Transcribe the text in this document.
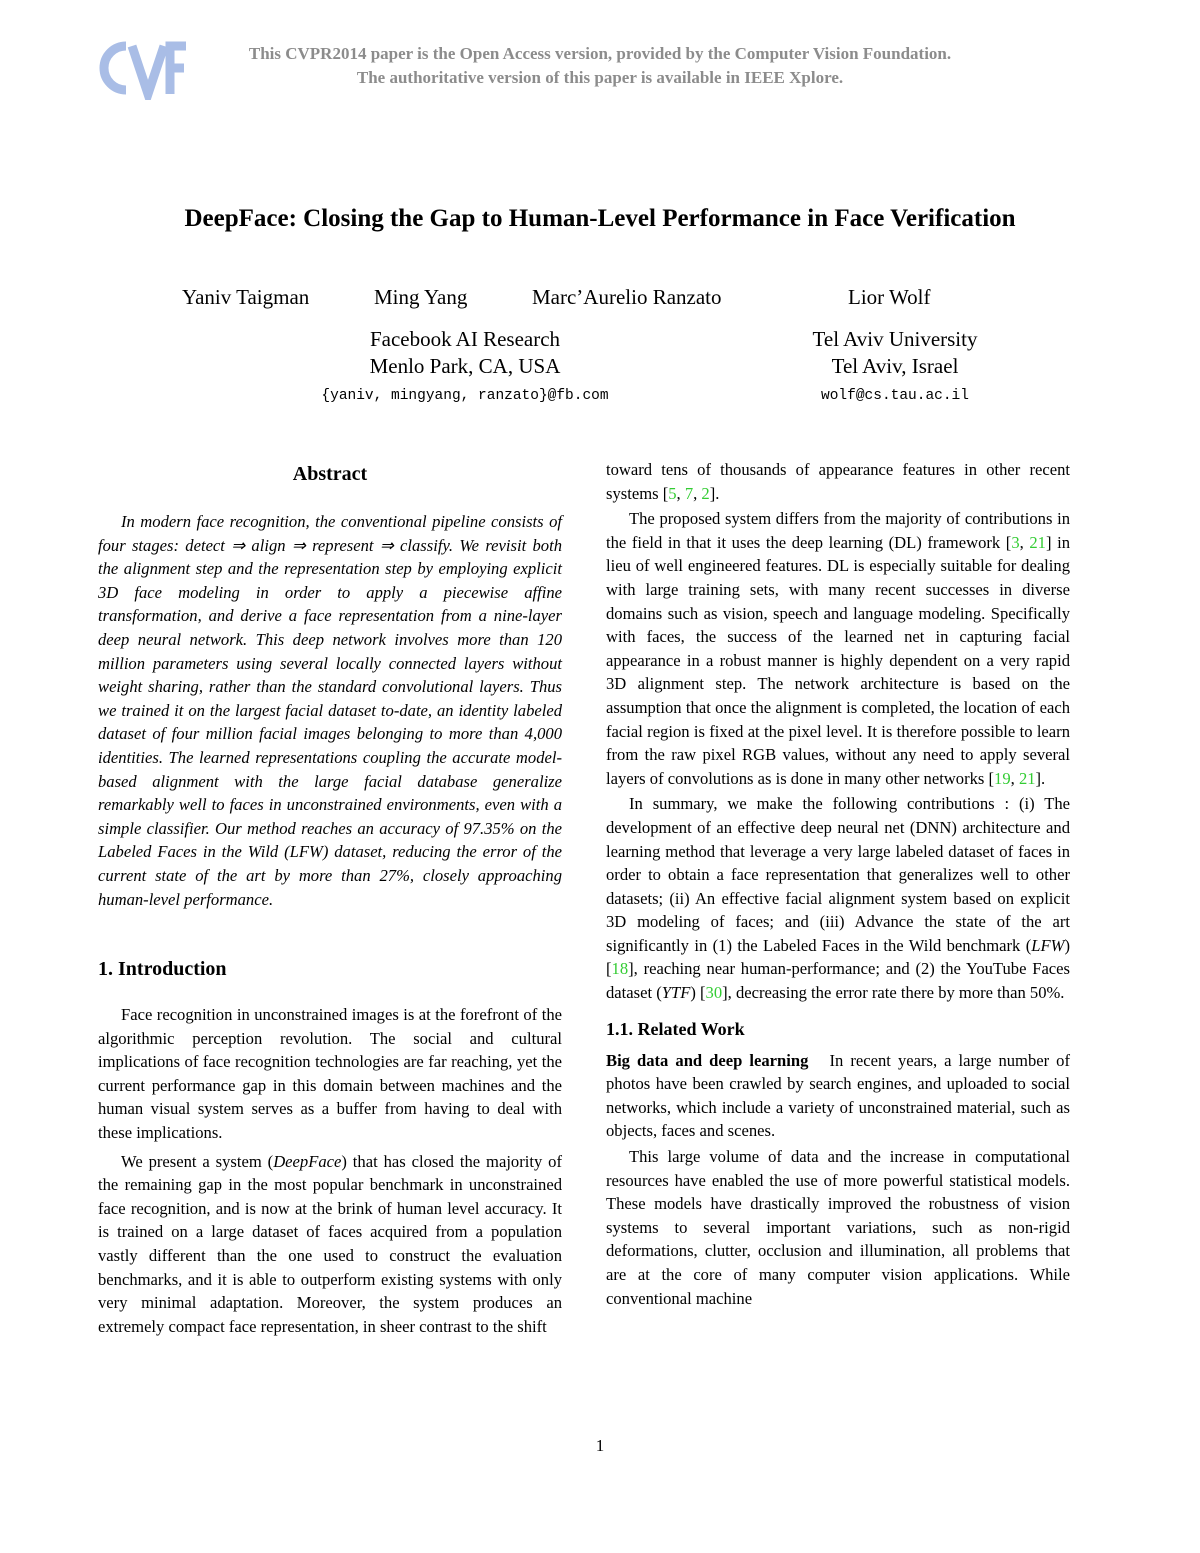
This CVPR2014 paper is the Open Access version, provided by the Computer Vision Foundation.
The authoritative version of this paper is available in IEEE Xplore.
DeepFace: Closing the Gap to Human-Level Performance in Face Verification
Yaniv Taigman	Ming Yang	Marc’Aurelio Ranzato	Lior Wolf
Facebook AI Research
Menlo Park, CA, USA
{yaniv, mingyang, ranzato}@fb.com
Tel Aviv University
Tel Aviv, Israel
wolf@cs.tau.ac.il
Abstract

In modern face recognition, the conventional pipeline consists of four stages: detect ⇒ align ⇒ represent ⇒ classify. We revisit both the alignment step and the representation step by employing explicit 3D face modeling in order to apply a piecewise affine transformation, and derive a face representation from a nine-layer deep neural network. This deep network involves more than 120 million parameters using several locally connected layers without weight sharing, rather than the standard convolutional layers. Thus we trained it on the largest facial dataset to-date, an identity labeled dataset of four million facial images belonging to more than 4,000 identities. The learned representations coupling the accurate model-based alignment with the large facial database generalize remarkably well to faces in unconstrained environments, even with a simple classifier. Our method reaches an accuracy of 97.35% on the Labeled Faces in the Wild (LFW) dataset, reducing the error of the current state of the art by more than 27%, closely approaching human-level performance.

1. Introduction

Face recognition in unconstrained images is at the forefront of the algorithmic perception revolution. The social and cultural implications of face recognition technologies are far reaching, yet the current performance gap in this domain between machines and the human visual system serves as a buffer from having to deal with these implications.

We present a system (DeepFace) that has closed the majority of the remaining gap in the most popular benchmark in unconstrained face recognition, and is now at the brink of human level accuracy. It is trained on a large dataset of faces acquired from a population vastly different than the one used to construct the evaluation benchmarks, and it is able to outperform existing systems with only very minimal adaptation. Moreover, the system produces an extremely compact face representation, in sheer contrast to the shift

toward tens of thousands of appearance features in other recent systems [5, 7, 2].

The proposed system differs from the majority of contributions in the field in that it uses the deep learning (DL) framework [3, 21] in lieu of well engineered features. DL is especially suitable for dealing with large training sets, with many recent successes in diverse domains such as vision, speech and language modeling. Specifically with faces, the success of the learned net in capturing facial appearance in a robust manner is highly dependent on a very rapid 3D alignment step. The network architecture is based on the assumption that once the alignment is completed, the location of each facial region is fixed at the pixel level. It is therefore possible to learn from the raw pixel RGB values, without any need to apply several layers of convolutions as is done in many other networks [19, 21].

In summary, we make the following contributions : (i) The development of an effective deep neural net (DNN) architecture and learning method that leverage a very large labeled dataset of faces in order to obtain a face representation that generalizes well to other datasets; (ii) An effective facial alignment system based on explicit 3D modeling of faces; and (iii) Advance the state of the art significantly in (1) the Labeled Faces in the Wild benchmark (LFW) [18], reaching near human-performance; and (2) the YouTube Faces dataset (YTF) [30], decreasing the error rate there by more than 50%.

1.1. Related Work

Big data and deep learning In recent years, a large number of photos have been crawled by search engines, and uploaded to social networks, which include a variety of unconstrained material, such as objects, faces and scenes.

This large volume of data and the increase in computational resources have enabled the use of more powerful statistical models. These models have drastically improved the robustness of vision systems to several important variations, such as non-rigid deformations, clutter, occlusion and illumination, all problems that are at the core of many computer vision applications. While conventional machine

1
